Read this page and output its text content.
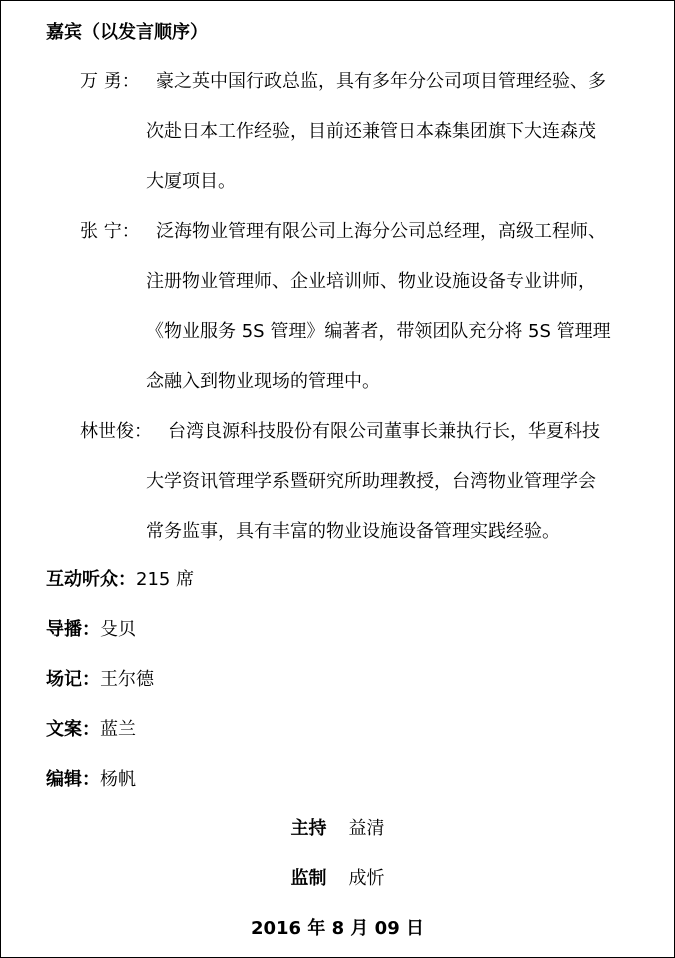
嘉宾（以发言顺序）
万 勇： 豪之英中国行政总监，具有多年分公司项目管理经验、多
次赴日本工作经验，目前还兼管日本森集团旗下大连森茂
大厦项目。
张 宁： 泛海物业管理有限公司上海分公司总经理，高级工程师、
注册物业管理师、企业培训师、物业设施设备专业讲师，
《物业服务 5S 管理》编著者，带领团队充分将 5S 管理理
念融入到物业现场的管理中。
林世俊： 台湾良源科技股份有限公司董事长兼执行长，华夏科技
大学资讯管理学系暨研究所助理教授，台湾物业管理学会
常务监事，具有丰富的物业设施设备管理实践经验。
互动听众：215 席
导播：殳贝
场记：王尔德
文案：蓝兰
编辑：杨帆
主持 益清
监制 成忻
2016 年 8 月 09 日
